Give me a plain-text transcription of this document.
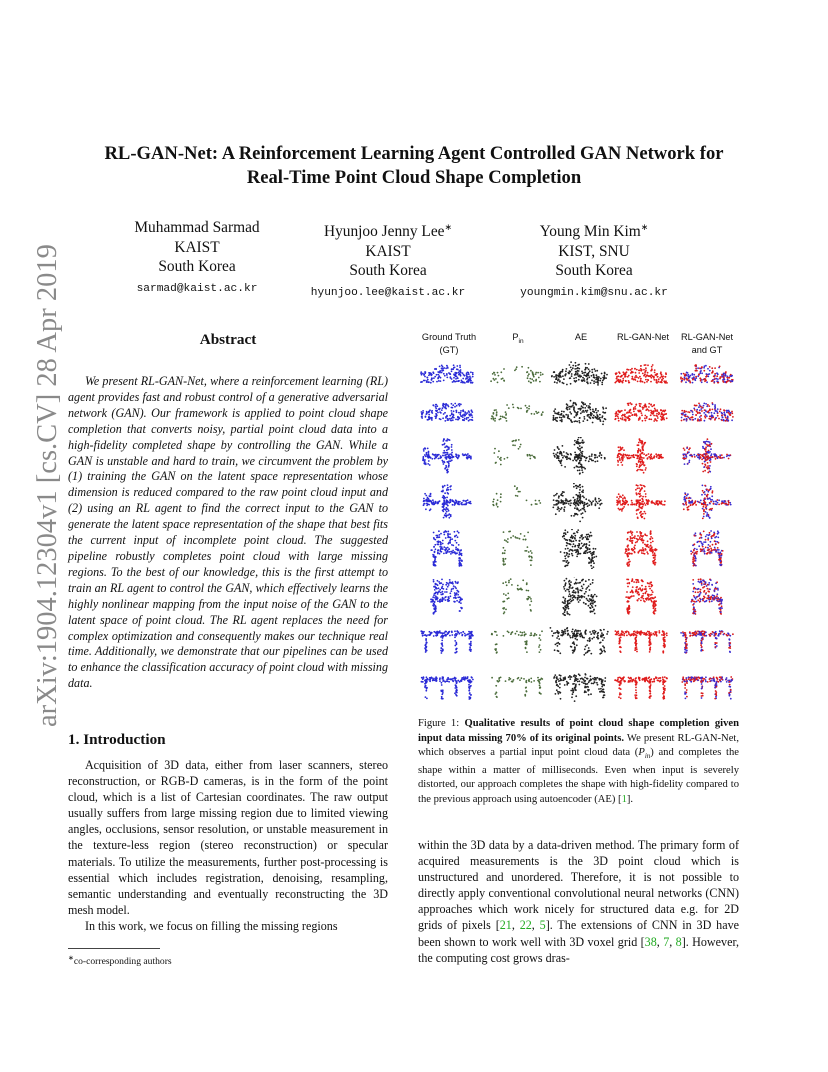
arXiv:1904.12304v1 [cs.CV] 28 Apr 2019
RL-GAN-Net: A Reinforcement Learning Agent Controlled GAN Network for
Real-Time Point Cloud Shape Completion
Muhammad Sarmad
KAIST
South Korea
sarmad@kaist.ac.kr
Hyunjoo Jenny Lee∗
KAIST
South Korea
hyunjoo.lee@kaist.ac.kr
Young Min Kim∗
KIST, SNU
South Korea
youngmin.kim@snu.ac.kr
Abstract

We present RL-GAN-Net, where a reinforcement learning (RL) agent provides fast and robust control of a generative adversarial network (GAN). Our framework is applied to point cloud shape completion that converts noisy, partial point cloud data into a high-fidelity completed shape by controlling the GAN. While a GAN is unstable and hard to train, we circumvent the problem by (1) training the GAN on the latent space representation whose dimension is reduced compared to the raw point cloud input and (2) using an RL agent to find the correct input to the GAN to generate the latent space representation of the shape that best fits the current input of incomplete point cloud. The suggested pipeline robustly completes point cloud with large missing regions. To the best of our knowledge, this is the first attempt to train an RL agent to control the GAN, which effectively learns the highly nonlinear mapping from the input noise of the GAN to the latent space of point cloud. The RL agent replaces the need for complex optimization and consequently makes our technique real time. Additionally, we demonstrate that our pipelines can be used to enhance the classification accuracy of point cloud with missing data.

1. Introduction

Acquisition of 3D data, either from laser scanners, stereo reconstruction, or RGB-D cameras, is in the form of the point cloud, which is a list of Cartesian coordinates. The raw output usually suffers from large missing region due to limited viewing angles, occlusions, sensor resolution, or unstable measurement in the texture-less region (stereo reconstruction) or specular materials. To utilize the measurements, further post-processing is essential which includes registration, denoising, resampling, semantic understanding and eventually reconstructing the 3D mesh model.

In this work, we focus on filling the missing regions

∗co-corresponding authors
Ground Truth
(GT)
$P_{in}$	AE	RL-GAN-Net	RL-GAN-Net
and GT
Figure 1: Qualitative results of point cloud shape completion given input data missing 70% of its original points. We present RL-GAN-Net, which observes a partial input point cloud data $(P_{in})$ and completes the shape within a matter of milliseconds. Even when input is severely distorted, our approach completes the shape with high-fidelity compared to the previous approach using autoencoder (AE) [1].
within the 3D data by a data-driven method. The primary form of acquired measurements is the 3D point cloud which is unstructured and unordered. Therefore, it is not possible to directly apply conventional convolutional neural networks (CNN) approaches which work nicely for structured data e.g. for 2D grids of pixels [21, 22, 5]. The extensions of CNN in 3D have been shown to work well with 3D voxel grid [38, 7, 8]. However, the computing cost grows dras-
